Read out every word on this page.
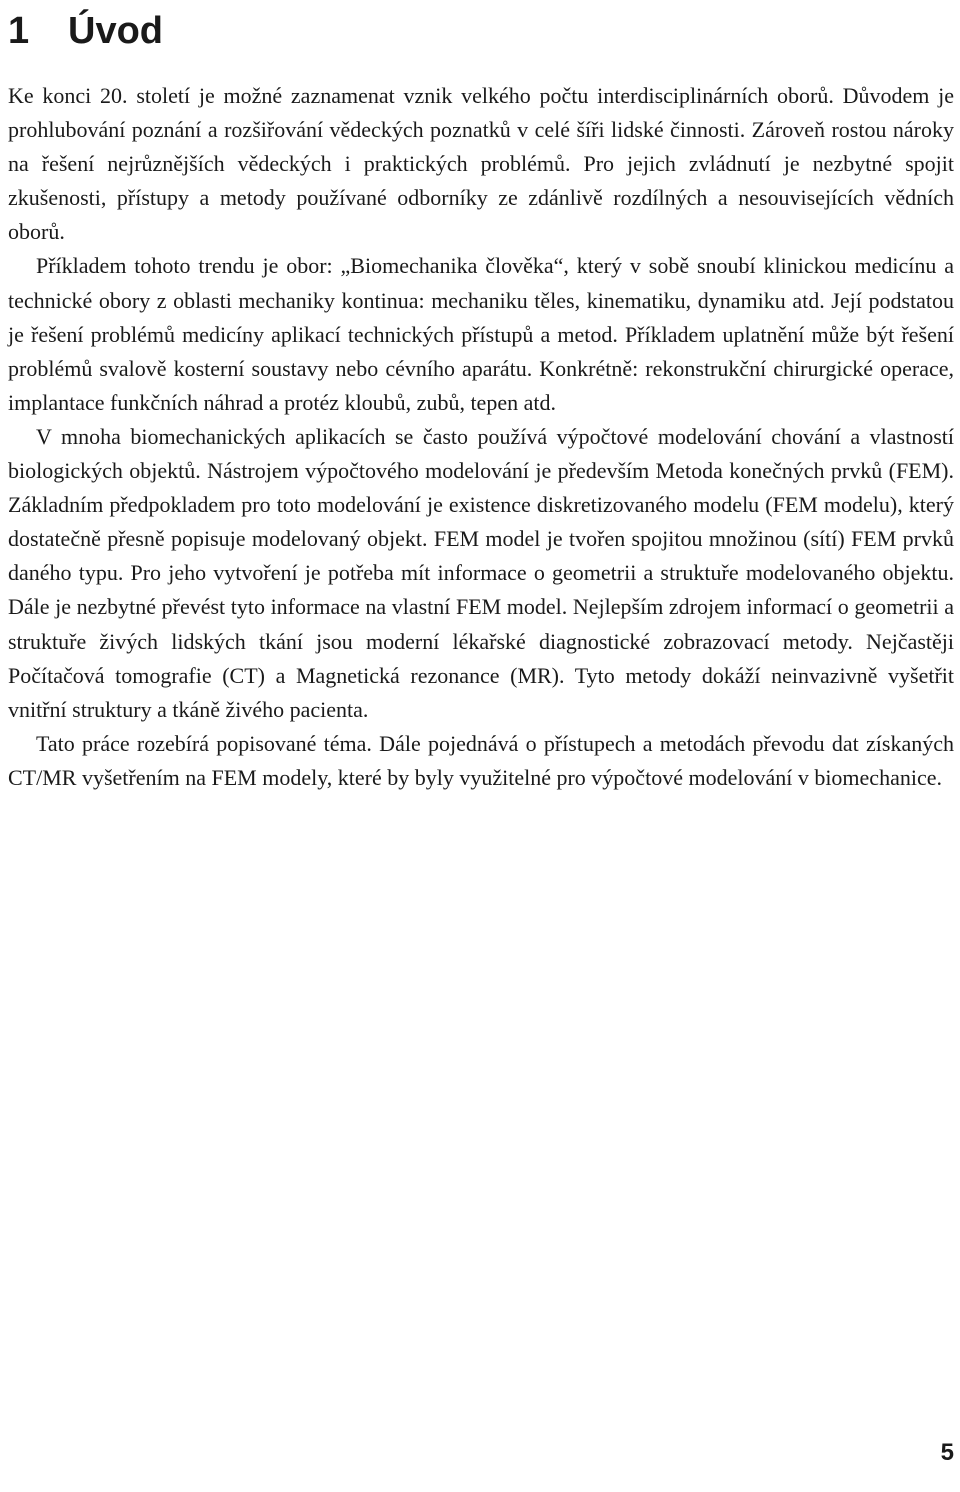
1 Úvod

Ke konci 20. století je možné zaznamenat vznik velkého počtu interdisciplinárních oborů. Důvodem je prohlubování poznání a rozšiřování vědeckých poznatků v celé šíři lidské činnosti. Zároveň rostou nároky na řešení nejrůznějších vědeckých i praktických problémů. Pro jejich zvládnutí je nezbytné spojit zkušenosti, přístupy a metody používané odborníky ze zdánlivě rozdílných a nesouvisejících vědních oborů.

Příkladem tohoto trendu je obor: „Biomechanika člověka“, který v sobě snoubí klinickou medicínu a technické obory z oblasti mechaniky kontinua: mechaniku těles, kinematiku, dynamiku atd. Její podstatou je řešení problémů medicíny aplikací technických přístupů a metod. Příkladem uplatnění může být řešení problémů svalově kosterní soustavy nebo cévního aparátu. Konkrétně: rekonstrukční chirurgické operace, implantace funkčních náhrad a protéz kloubů, zubů, tepen atd.

V mnoha biomechanických aplikacích se často používá výpočtové modelování chování a vlastností biologických objektů. Nástrojem výpočtového modelování je především Metoda konečných prvků (FEM). Základním předpokladem pro toto modelování je existence diskretizovaného modelu (FEM modelu), který dostatečně přesně popisuje modelovaný objekt. FEM model je tvořen spojitou množinou (sítí) FEM prvků daného typu. Pro jeho vytvoření je potřeba mít informace o geometrii a struktuře modelovaného objektu. Dále je nezbytné převést tyto informace na vlastní FEM model. Nejlepším zdrojem informací o geometrii a struktuře živých lidských tkání jsou moderní lékařské diagnostické zobrazovací metody. Nejčastěji Počítačová tomografie (CT) a Magnetická rezonance (MR). Tyto metody dokáží neinvazivně vyšetřit vnitřní struktury a tkáně živého pacienta.

Tato práce rozebírá popisované téma. Dále pojednává o přístupech a metodách převodu dat získaných CT/MR vyšetřením na FEM modely, které by byly využitelné pro výpočtové modelování v biomechanice.

5
